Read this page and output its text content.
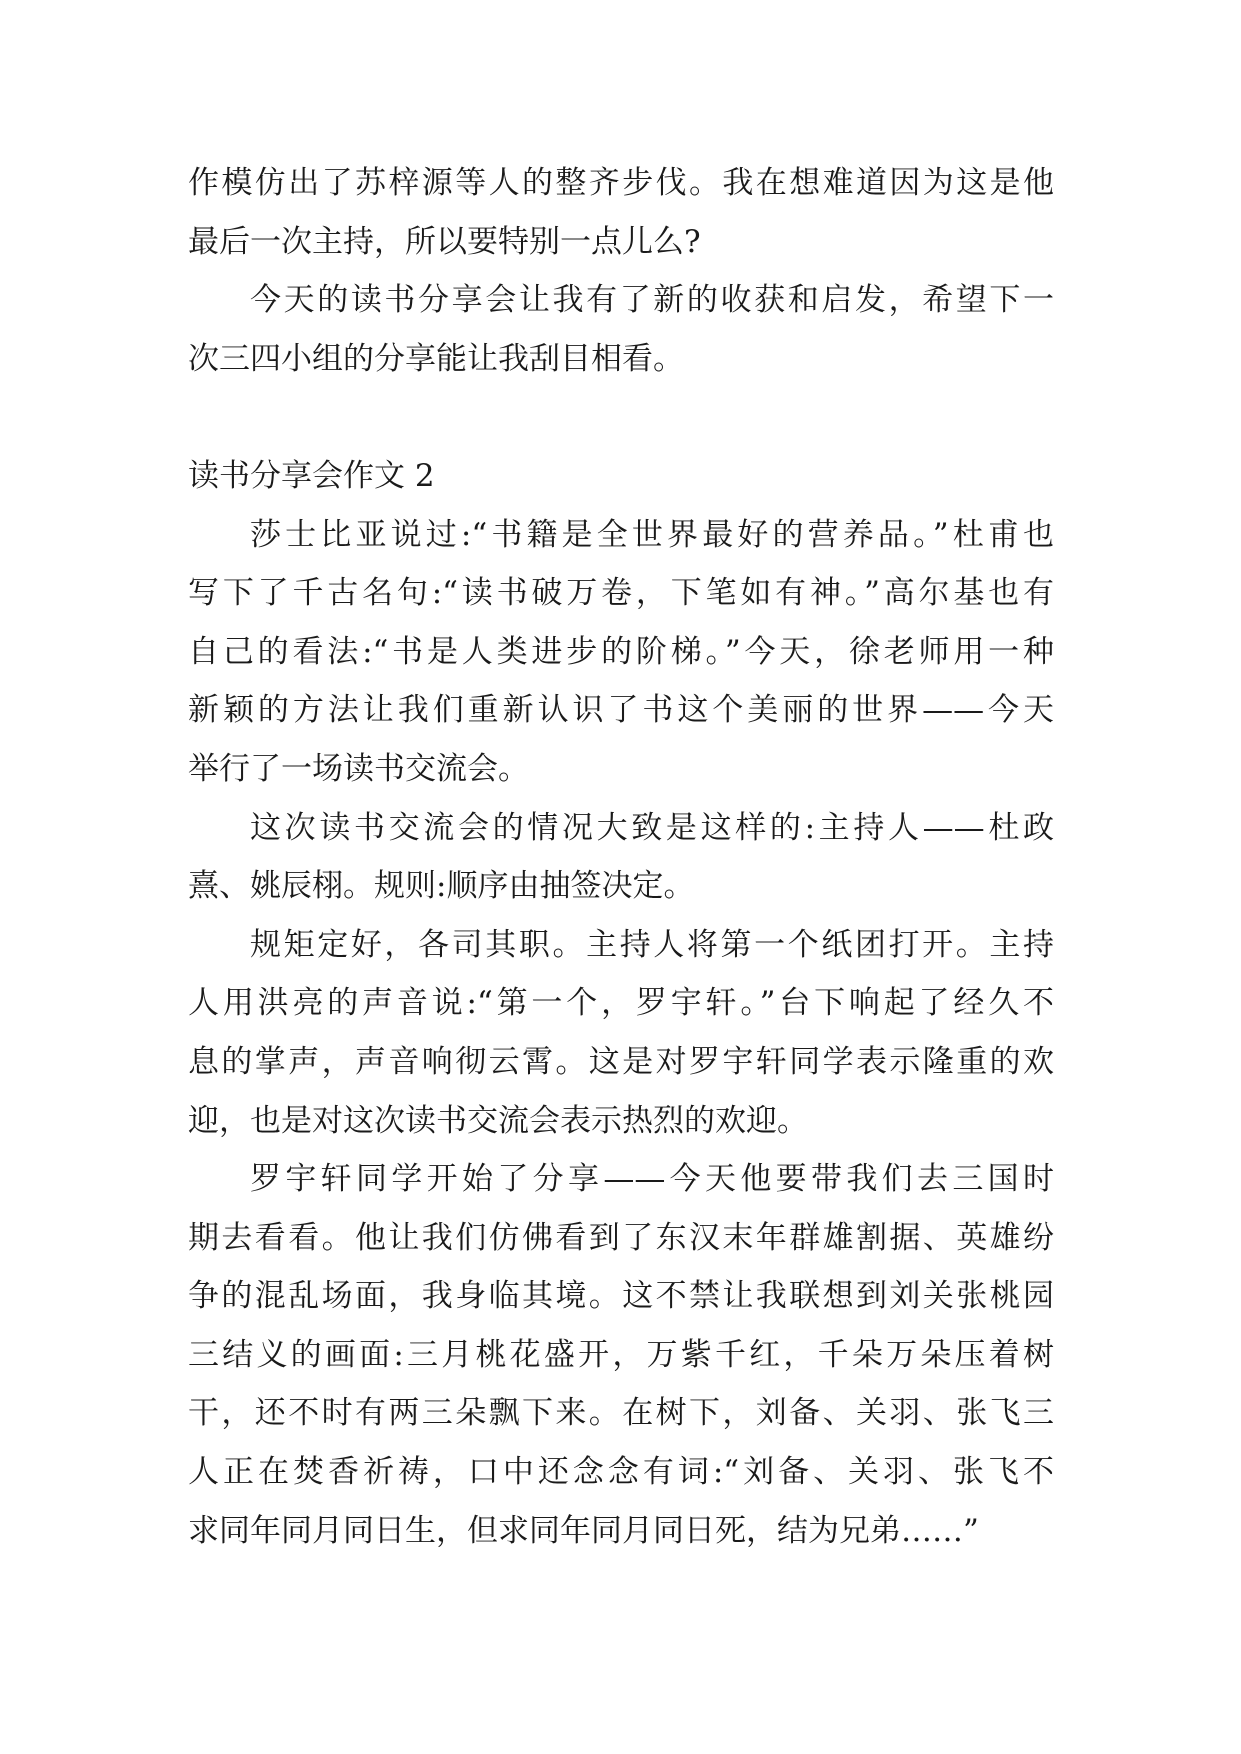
作模仿出了苏梓源等人的整齐步伐。我在想难道因为这是他
最后一次主持，所以要特别一点儿么?
今天的读书分享会让我有了新的收获和启发，希望下一
次三四小组的分享能让我刮目相看。
读书分享会作文 2
莎士比亚说过:“书籍是全世界最好的营养品。”杜甫也
写下了千古名句:“读书破万卷，下笔如有神。”高尔基也有
自己的看法:“书是人类进步的阶梯。”今天，徐老师用一种
新颖的方法让我们重新认识了书这个美丽的世界——今天
举行了一场读书交流会。
这次读书交流会的情况大致是这样的:主持人——杜政
熹、姚辰栩。规则:顺序由抽签决定。
规矩定好，各司其职。主持人将第一个纸团打开。主持
人用洪亮的声音说:“第一个，罗宇轩。”台下响起了经久不
息的掌声，声音响彻云霄。这是对罗宇轩同学表示隆重的欢
迎，也是对这次读书交流会表示热烈的欢迎。
罗宇轩同学开始了分享——今天他要带我们去三国时
期去看看。他让我们仿佛看到了东汉末年群雄割据、英雄纷
争的混乱场面，我身临其境。这不禁让我联想到刘关张桃园
三结义的画面:三月桃花盛开，万紫千红，千朵万朵压着树
干，还不时有两三朵飘下来。在树下，刘备、关羽、张飞三
人正在焚香祈祷，口中还念念有词:“刘备、关羽、张飞不
求同年同月同日生，但求同年同月同日死，结为兄弟……”
